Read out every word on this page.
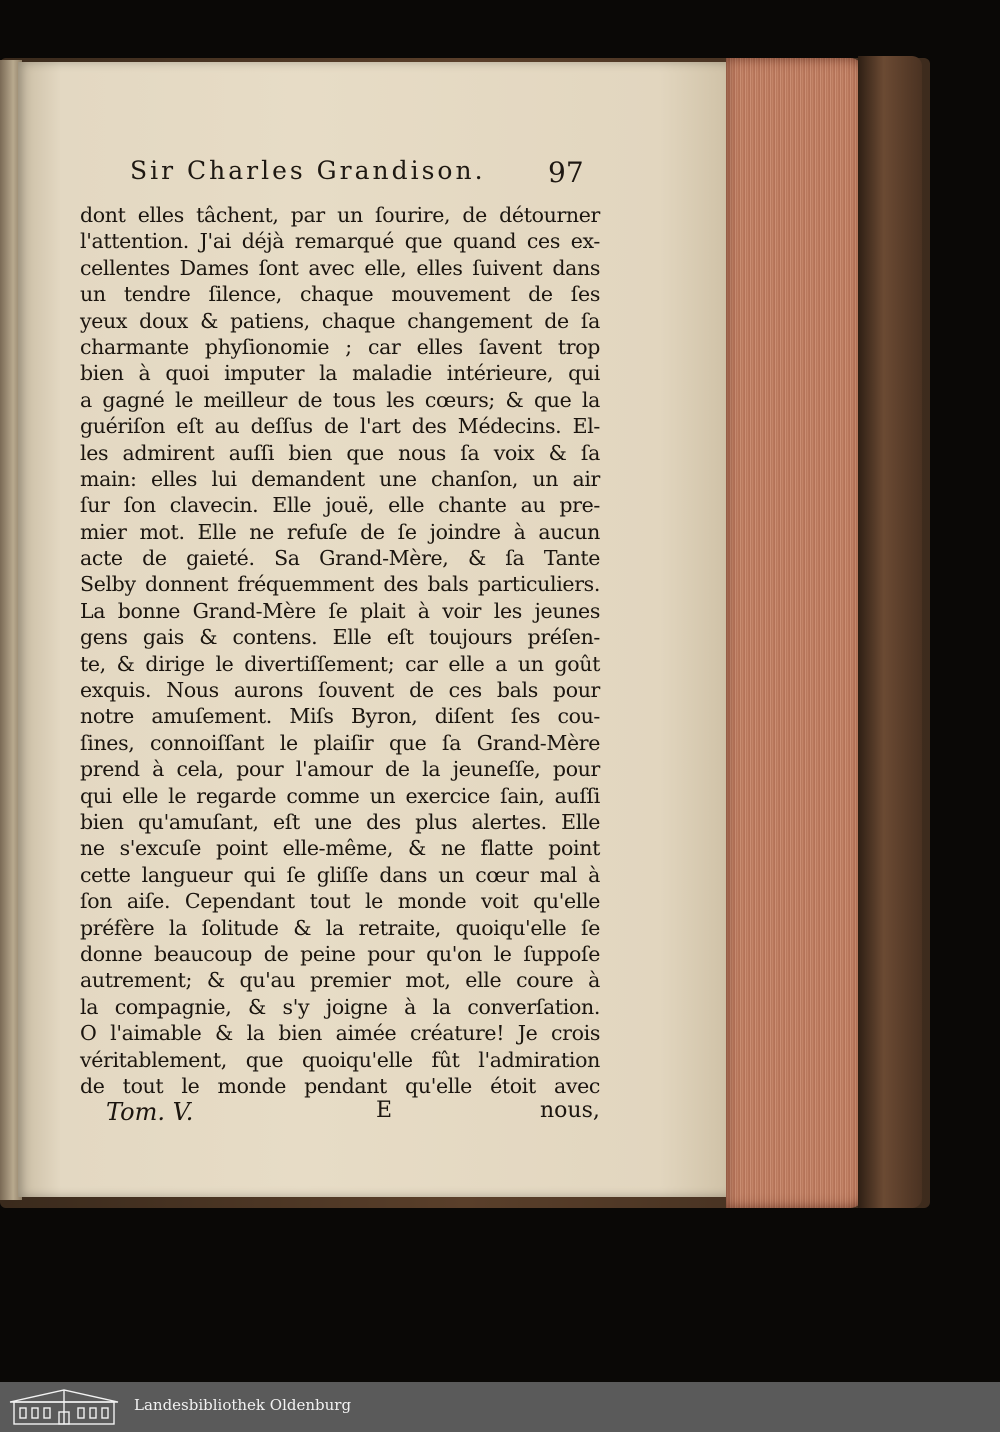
Sir Charles Grandison.	97
dont elles tâchent, par un ſourire, de détourner
l'attention. J'ai déjà remarqué que quand ces ex-
cellentes Dames ſont avec elle, elles ſuivent dans
un tendre ſilence, chaque mouvement de ſes
yeux doux & patiens, chaque changement de ſa
charmante phyſionomie ; car elles ſavent trop
bien à quoi imputer la maladie intérieure, qui
a gagné le meilleur de tous les cœurs; & que la
guériſon eſt au deſſus de l'art des Médecins. El-
les admirent auſſi bien que nous ſa voix & ſa
main: elles lui demandent une chanſon, un air
ſur ſon clavecin. Elle jouë, elle chante au pre-
mier mot. Elle ne refuſe de ſe joindre à aucun
acte de gaieté. Sa Grand-Mère, & ſa Tante
Selby donnent fréquemment des bals particuliers.
La bonne Grand-Mère ſe plait à voir les jeunes
gens gais & contens. Elle eſt toujours préſen-
te, & dirige le divertiſſement; car elle a un goût
exquis. Nous aurons ſouvent de ces bals pour
notre amuſement. Miſs Byron, diſent ſes cou-
ſines, connoiſſant le plaiſir que ſa Grand-Mère
prend à cela, pour l'amour de la jeuneſſe, pour
qui elle le regarde comme un exercice ſain, auſſi
bien qu'amuſant, eſt une des plus alertes. Elle
ne s'excuſe point elle-même, & ne flatte point
cette langueur qui ſe gliſſe dans un cœur mal à
ſon aiſe. Cependant tout le monde voit qu'elle
préfère la ſolitude & la retraite, quoiqu'elle ſe
donne beaucoup de peine pour qu'on le ſuppoſe
autrement; & qu'au premier mot, elle coure à
la compagnie, & s'y joigne à la converſation.
O l'aimable & la bien aimée créature! Je crois
véritablement, que quoiqu'elle fût l'admiration
de tout le monde pendant qu'elle étoit avec
Tom. V.	E	nous,
Landesbibliothek Oldenburg
